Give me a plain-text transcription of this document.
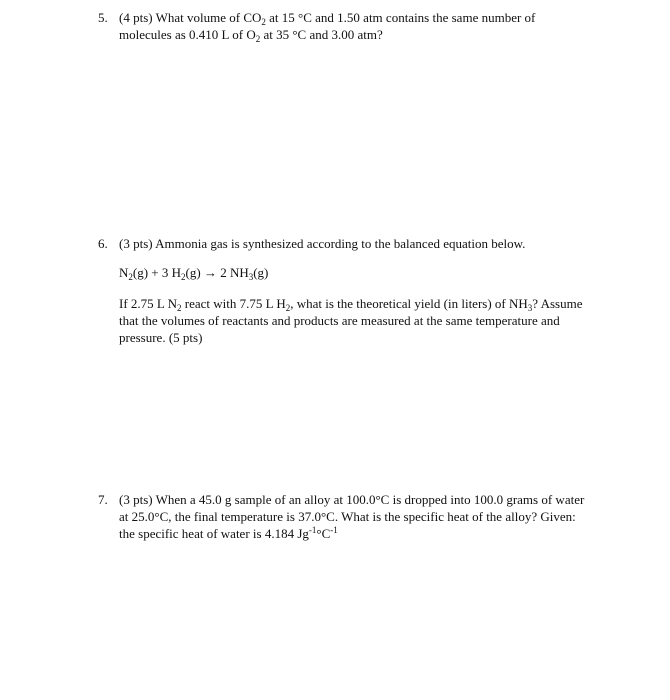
5. (4 pts) What volume of $CO_2$ at 15 °C and 1.50 atm contains the same number of
molecules as 0.410 L of $O_2$ at 35 °C and 3.00 atm?
6. (3 pts) Ammonia gas is synthesized according to the balanced equation below.
$N_2(g) + 3$ $H_2(g) \to 2$ $NH_3(g)$
If 2.75 L $N_2$ react with 7.75 L $H_2$, what is the theoretical yield (in liters) of $NH_3$? Assume
that the volumes of reactants and products are measured at the same temperature and
pressure. (5 pts)
7. (3 pts) When a 45.0 g sample of an alloy at 100.0°C is dropped into 100.0 grams of water
at 25.0°C, the final temperature is 37.0°C. What is the specific heat of the alloy? Given:
the specific heat of water is 4.184 $Jg^{-1}^\circ C^{-1}$
